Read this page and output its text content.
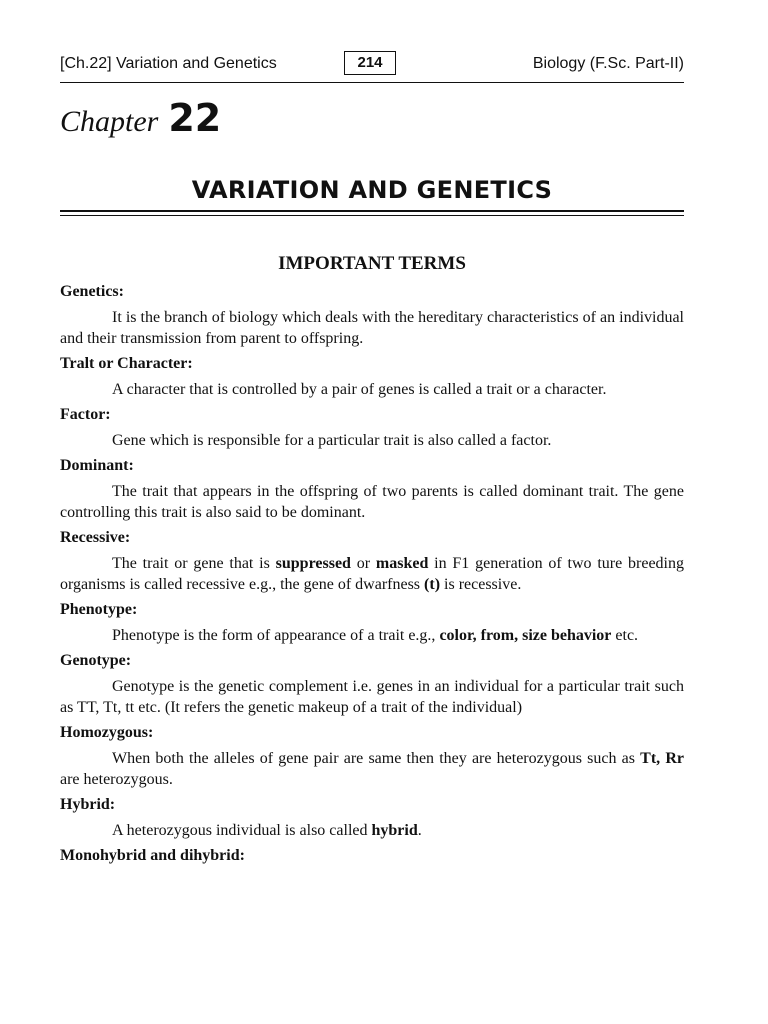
[Ch.22] Variation and Genetics	214	Biology (F.Sc. Part-II)
Chapter 22
VARIATION AND GENETICS
IMPORTANT TERMS
Genetics:
It is the branch of biology which deals with the hereditary characteristics of an individual and their transmission from parent to offspring.
Tralt or Character:
A character that is controlled by a pair of genes is called a trait or a character.
Factor:
Gene which is responsible for a particular trait is also called a factor.
Dominant:
The trait that appears in the offspring of two parents is called dominant trait. The gene controlling this trait is also said to be dominant.
Recessive:
The trait or gene that is suppressed or masked in F1 generation of two ture breeding organisms is called recessive e.g., the gene of dwarfness (t) is recessive.
Phenotype:
Phenotype is the form of appearance of a trait e.g., color, from, size behavior etc.
Genotype:
Genotype is the genetic complement i.e. genes in an individual for a particular trait such as TT, Tt, tt etc. (It refers the genetic makeup of a trait of the individual)
Homozygous:
When both the alleles of gene pair are same then they are heterozygous such as Tt, Rr are heterozygous.
Hybrid:
A heterozygous individual is also called hybrid.
Monohybrid and dihybrid:
